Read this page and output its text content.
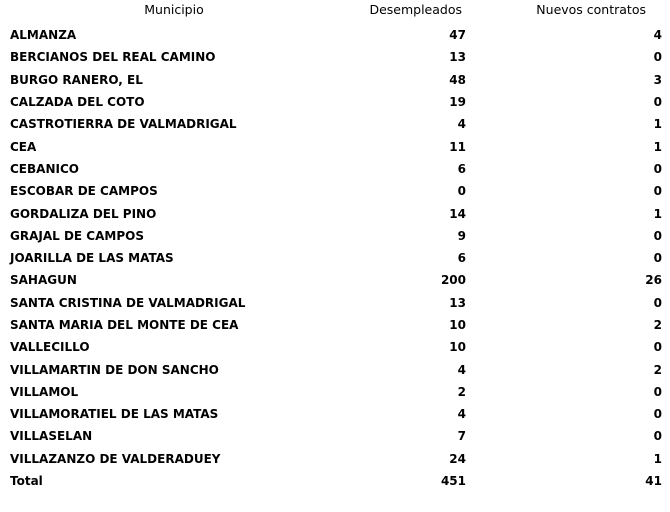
Municipio	Desempleados	Nuevos contratos
ALMANZA	47	4
BERCIANOS DEL REAL CAMINO	13	0
BURGO RANERO, EL	48	3
CALZADA DEL COTO	19	0
CASTROTIERRA DE VALMADRIGAL	4	1
CEA	11	1
CEBANICO	6	0
ESCOBAR DE CAMPOS	0	0
GORDALIZA DEL PINO	14	1
GRAJAL DE CAMPOS	9	0
JOARILLA DE LAS MATAS	6	0
SAHAGUN	200	26
SANTA CRISTINA DE VALMADRIGAL	13	0
SANTA MARIA DEL MONTE DE CEA	10	2
VALLECILLO	10	0
VILLAMARTIN DE DON SANCHO	4	2
VILLAMOL	2	0
VILLAMORATIEL DE LAS MATAS	4	0
VILLASELAN	7	0
VILLAZANZO DE VALDERADUEY	24	1
Total	451	41
